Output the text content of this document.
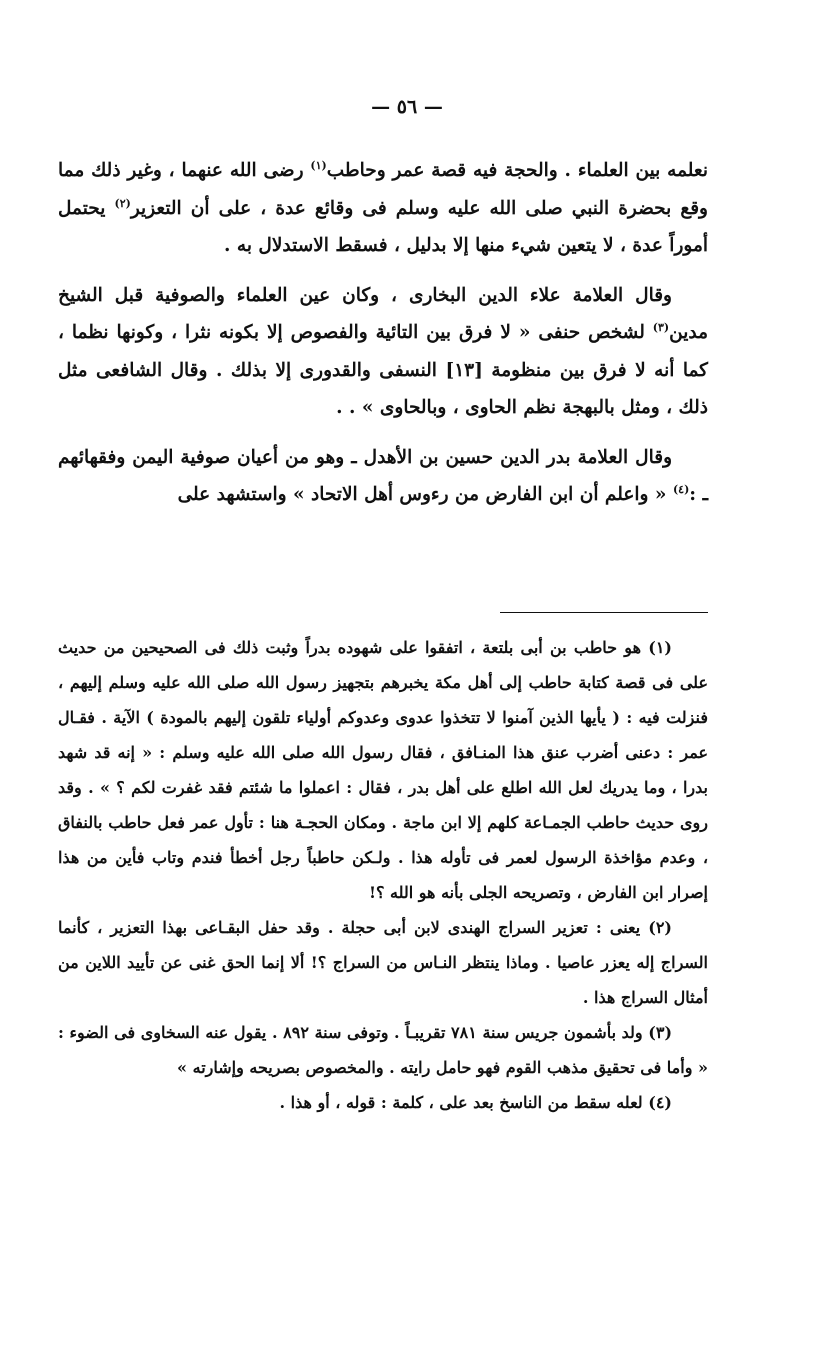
— ٥٦ —

نعلمه بين العلماء . والحجة فيه قصة عمر وحاطب$^{(١)}$ رضى الله عنهما ، وغير ذلك مما وقع بحضرة النبي صلى الله عليه وسلم فى وقائع عدة ، على أن التعزير$^{(٢)}$ يحتمل أموراً عدة ، لا يتعين شيء منها إلا بدليل ، فسقط الاستدلال به .

وقال العلامة علاء الدين البخارى ، وكان عين العلماء والصوفية قبل الشيخ مدين$^{(٣)}$ لشخص حنفى « لا فرق بين التائية والفصوص إلا بكونه نثرا ، وكونها نظما ، كما أنه لا فرق بين منظومة [١٣] النسفى والقدورى إلا بذلك . وقال الشافعى مثل ذلك ، ومثل بالبهجة نظم الحاوى ، وبالحاوى » . .

وقال العلامة بدر الدين حسين بن الأهدل ـ وهو من أعيان صوفية اليمن وفقهائهم ـ :$^{(٤)}$ « واعلم أن ابن الفارض من رءوس أهل الاتحاد » واستشهد على

(١) هو حاطب بن أبى بلتعة ، اتفقوا على شهوده بدراً وثبت ذلك فى الصحيحين من حديث على فى قصة كتابة حاطب إلى أهل مكة يخبرهم بتجهيز رسول الله صلى الله عليه وسلم إليهم ، فنزلت فيه : ( يأيها الذين آمنوا لا تتخذوا عدوى وعدوكم أولياء تلقون إليهم بالمودة ) الآية . فقـال عمر : دعنى أضرب عنق هذا المنـافق ، فقال رسول الله صلى الله عليه وسلم : « إنه قد شهد بدرا ، وما يدريك لعل الله اطلع على أهل بدر ، فقال : اعملوا ما شئتم فقد غفرت لكم ؟ » . وقد روى حديث حاطب الجمـاعة كلهم إلا ابن ماجة . ومكان الحجـة هنا : تأول عمر فعل حاطب بالنفاق ، وعدم مؤاخذة الرسول لعمر فى تأوله هذا . ولـكن حاطباً رجل أخطأ فندم وتاب فأين من هذا إصرار ابن الفارض ، وتصريحه الجلى بأنه هو الله ؟!

(٢) يعنى : تعزير السراج الهندى لابن أبى حجلة . وقد حفل البقـاعى بهذا التعزير ، كأنما السراج إله يعزر عاصيا . وماذا ينتظر النـاس من السراج ؟! ألا إنما الحق غنى عن تأييد اللاين من أمثال السراج هذا .

(٣) ولد بأشمون جريس سنة ٧٨١ تقريبـاً . وتوفى سنة ٨٩٢ . يقول عنه السخاوى فى الضوء : « وأما فى تحقيق مذهب القوم فهو حامل رايته . والمخصوص بصريحه وإشارته »

(٤) لعله سقط من الناسخ بعد على ، كلمة : قوله ، أو هذا .
